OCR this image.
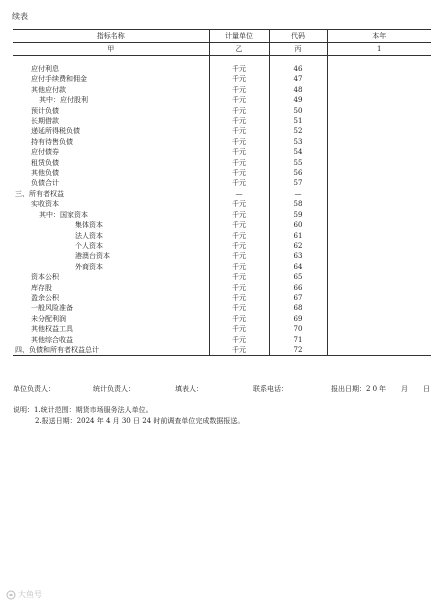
续表
指标名称	计量单位	代码	本年
甲	乙	丙	1

应付利息	千元	46	
应付手续费和佣金	千元	47	
其他应付款	千元	48	
其中：应付股利	千元	49	
预计负债	千元	50	
长期借款	千元	51	
递延所得税负债	千元	52	
持有待售负债	千元	53	
应付债券	千元	54	
租赁负债	千元	55	
其他负债	千元	56	
负债合计	千元	57	
三、所有者权益	—	—	
实收资本	千元	58	
其中：国家资本	千元	59	
集体资本	千元	60	
法人资本	千元	61	
个人资本	千元	62	
港澳台资本	千元	63	
外商资本	千元	64	
资本公积	千元	65	
库存股	千元	66	
盈余公积	千元	67	
一般风险准备	千元	68	
未分配利润	千元	69	
其他权益工具	千元	70	
其他综合收益	千元	71	
四、负债和所有者权益总计	千元	72	
单位负责人：	统计负责人：	填表人：	联系电话：	报出日期：2 0 年 月 日
说明：1.统计范围：期货市场服务法人单位。
2.报送日期：2024 年 4 月 30 日 24 时前调查单位完成数据报送。
大鱼号
